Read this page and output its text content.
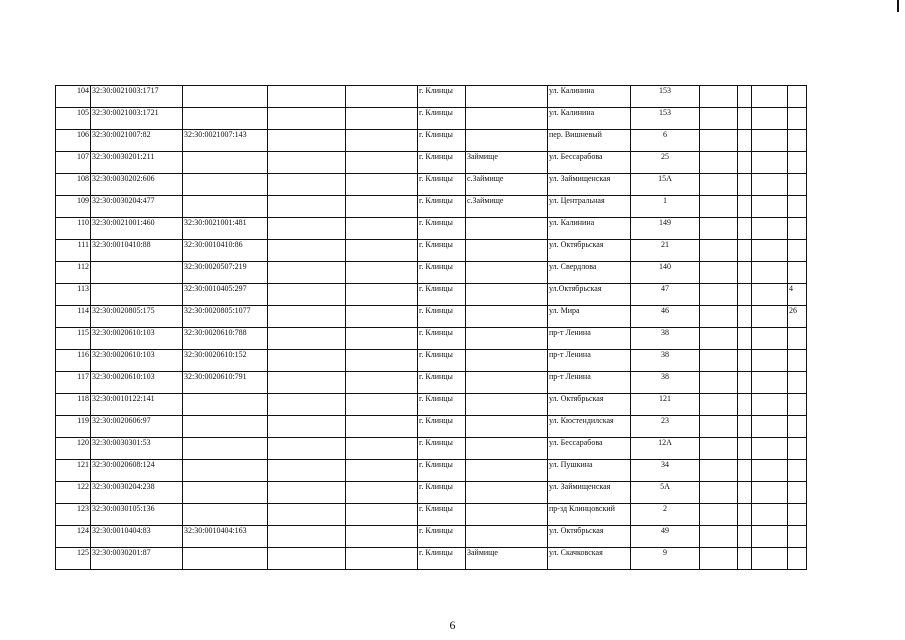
104	32:30:0021003:1717				г. Клинцы		ул. Калинина	153				
105	32:30:0021003:1721				г. Клинцы		ул. Калинина	153				
106	32:30:0021007:82	32:30:0021007:143			г. Клинцы		пер. Вишневый	6				
107	32:30:0030201:211				г. Клинцы	Займище	ул. Бессарабова	25				
108	32:30:0030202:606				г. Клинцы	с.Займище	ул. Займищенская	15А				
109	32:30:0030204:477				г. Клинцы	с.Займище	ул. Центральная	1				
110	32:30:0021001:460	32:30:0021001:481			г. Клинцы		ул. Калинина	149				
111	32:30:0010410:88	32:30:0010410:86			г. Клинцы		ул. Октябрьская	21				
112		32:30:0020507:219			г. Клинцы		ул. Свердлова	140				
113		32:30:0010405:297			г. Клинцы		ул.Октябрьская	47				4
114	32:30:0020805:175	32:30:0020805:1077			г. Клинцы		ул. Мира	46				26
115	32:30:0020610:103	32:30:0020610:788			г. Клинцы		пр-т Ленина	38				
116	32:30:0020610:103	32:30:0020610:152			г. Клинцы		пр-т Ленина	38				
117	32:30:0020610:103	32:30:0020610:791			г. Клинцы		пр-т Ленина	38				
118	32:30:0010122:141				г. Клинцы		ул. Октябрьская	121				
119	32:30:0020606:97				г. Клинцы		ул. Кюстендилская	23				
120	32:30:0030301:53				г. Клинцы		ул. Бессарабова	12А				
121	32:30:0020608:124				г. Клинцы		ул. Пушкина	34				
122	32:30:0030204:238				г. Клинцы		ул. Займищенская	5А				
123	32:30:0030105:136				г. Клинцы		пр-зд Клинцовский	2				
124	32:30:0010404:83	32:30:0010404:163			г. Клинцы		ул. Октябрьская	49				
125	32:30:0030201:87				г. Клинцы	Займище	ул. Скачковская	9				
6
